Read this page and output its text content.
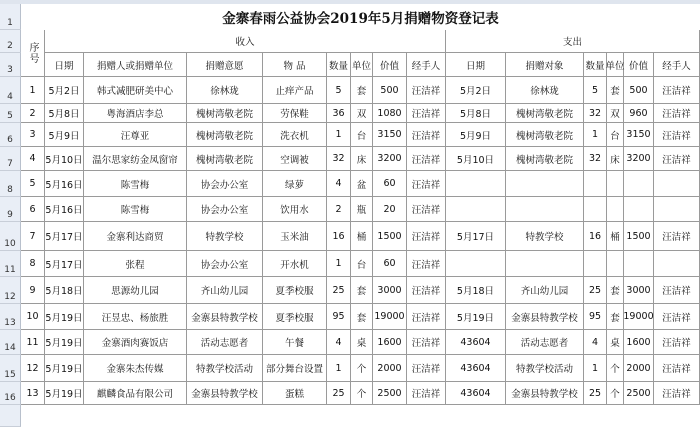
1
2
3
4
5
6
7
8
9
10
11
12
13
14
15
16
金寨春雨公益协会2019年5月捐赠物资登记表
序号	收入	支出
日期	捐赠人或捐赠单位	捐赠意愿	物 品	数量 单位 价值	经手人	日期	捐赠对象	数量 单位 价值	经手人
1	5月2日	韩式减肥研美中心	徐林珑	止痒产品	5	套	500	汪洁祥	5月2日	徐林珑	5	套	500	汪洁祥
2	5月8日	粤海酒店李总	槐树湾敬老院	劳保鞋	36	双	1080	汪洁祥	5月8日	槐树湾敬老院	32 双	960	汪洁祥
3	5月9日	汪尊亚	槐树湾敬老院	洗衣机	1	台	3150	汪洁祥	5月9日	槐树湾敬老院	1	台 3150	汪洁祥
4	5月10日	温尔思家纺金凤窗帘	槐树湾敬老院	空调被	32	床	3200	汪洁祥	5月10日	槐树湾敬老院	32 床 3200	汪洁祥
5	5月16日	陈雪梅	协会办公室	绿萝	4	盆	60	汪洁祥
6	5月16日	陈雪梅	协会办公室	饮用水	2	瓶	20	汪洁祥
7	5月17日	金寨利达商贸	特教学校	玉米油	16	桶	1500	汪洁祥	5月17日	特教学校	16 桶 1500	汪洁祥
8	5月17日	张程	协会办公室	开水机	1	台	60	汪洁祥
9	5月18日	思源幼儿园	齐山幼儿园	夏季校服	25	套	3000	汪洁祥	5月18日	齐山幼儿园	25 套 3000	汪洁祥
10 5月19日	汪昱忠、杨旅胜	金寨县特教学校	夏季校服	95	套 19000 汪洁祥	5月19日	金寨县特教学校	95 套 19000 汪洁祥
11 5月19日	金寨酒肉赛饭店	活动志愿者	午餐	4	桌	1600	汪洁祥	43604	活动志愿者	4	桌 1600	汪洁祥
12 5月19日	金寨朱杰传媒	特教学校活动	部分舞台设置	1	个	2000	汪洁祥	43604	特教学校活动	1	个 2000	汪洁祥
13 5月19日	麒麟食品有限公司	金寨县特教学校	蛋糕	25	个	2500	汪洁祥	43604	金寨县特教学校	25 个 2500	汪洁祥
